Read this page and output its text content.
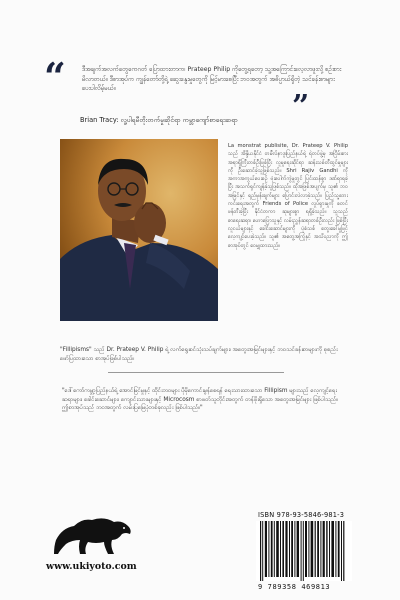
“	ဒီအချက်အလက်တွေကေဂတ် ပြောထားတာက၊ Prateep Philip ကိုတွေ့ရတော့ သူ့အကြောင်းလေ့လာဖူးလို့ စဉ်းစားမိလာတယ်။ ဒီစာအုပ်က ကျွန်တော်တို့ရဲ့ ဆွေးနွေးမှုတွေကို မြင့်မားစေပြီး ဘဝအတွက် အဓိပ္ပာယ်ရှိတဲ့ သင်ခန်းစာများ ပေးပါလိမ့်မယ်။
”
Brian Tracy: လူ့ပါရမီတိုးတက်မှုဆိုင်ရာ ကမ္ဘာကျော်စာရေးဆရာ
La monstrat publisite, Dr. Prateep V. Philip သည် အိန္ဒိယနိုင်ငံ တမီလ်နာဒူးပြည်နယ်ရဲ့ ရဲတပ်ဖွဲ့မှ အငြိမ်းစား အရာရှိကြီးတစ်ဦးဖြစ်ပြီး လူမှုရေးဆိုင်ရာ ဆန်းသစ်တီထွင်မှုများကို ဦးဆောင်ခဲ့သူဖြစ်သည်။ Shri Rajiv Gandhi ကို အကာအကွယ်ပေးစဉ် ဗုံးပေါက်ကွဲမှုတွင် ပြင်းထန်စွာ ဒဏ်ရာရခဲ့ပြီး အသက်ရှင်ကျန်ခဲ့သူဖြစ်သည်။ ထိုအဖြစ်အပျက်မှ သူ၏ ဘဝအမြင်နှင့် ရည်မှန်းချက်များ ပြောင်းလဲလာခဲ့သည်။ ပြည်သူ့ဘေးကင်းရေးအတွက် Friends of Police လှုပ်ရှားမှုကို စတင်ဖန်တီးခဲ့ပြီး နိုင်ငံတကာ ဆုများစွာ ရရှိခဲ့သည်။ သူသည် စာရေးဆရာ၊ ဟောပြောသူနှင့် လမ်းညွှန်ဆရာတစ်ဦးလည်း ဖြစ်ပြီး လူငယ်များနှင့် ခေါင်းဆောင်များကို ပုံစံသစ် တွေးခေါ်မှုဖြင့် လေ့ကျင့်ပေးခဲ့သည်။ သူ၏ အတွေ့အကြုံနှင့် အသိပညာကို ဤစာအုပ်တွင် ဝေမျှထားသည်။
"Fillipisms" သည် Dr. Prateep V. Philip ရဲ့ လက်ရွေးစင်သုံးသပ်ချက်များ၊ အတွေးအမြင်များနှင့် ဘဝသင်ခန်းစာများကို စုစည်းဖော်ပြထားသော စာအုပ်ဖြစ်ပါသည်။
"ဒေါ်ကော်ကမ္ဘာ့ပြည်နယ်ရဲ့ အောင်မြင်မှုနှင့် ထိုင်းဘဝများ ပိုမိုကောင်းမွန်စေရန် ရေးသားထားသော Fillipism များသည် လေ့ကျင့်ရေးဆရာများ၊ ခေါင်းဆောင်များ၊ ကျောင်းသားများနှင့် Microcosm စာဖတ်သူတိုင်းအတွက် တန်ဖိုးရှိသော အတွေးအမြင်များ ဖြစ်ပါသည်။ ဤစာအုပ်သည် ဘဝအတွက် လမ်းပြမြေပုံတစ်ခုလည်း ဖြစ်ပါသည်။"
www.ukiyoto.com
ISBN 978-93-5846-981-3
9 789358 469813
